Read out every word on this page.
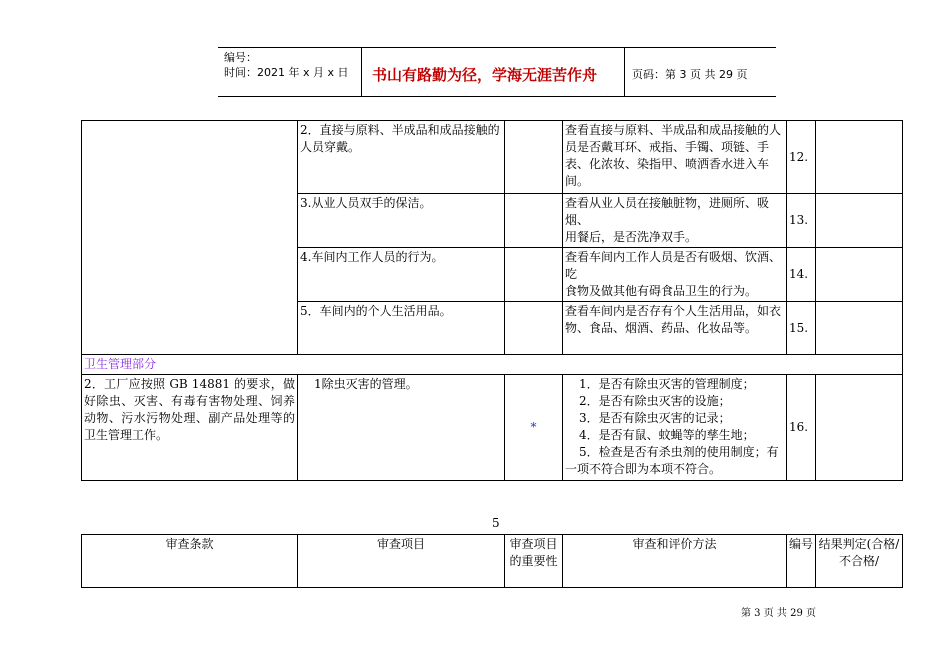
编号：
时间：2021 年 x 月 x 日 书山有路勤为径，学海无涯苦作舟	页码：第 3 页 共 29 页
	2．直接与原料、半成品和成品接触的人员穿戴。		查看直接与原料、半成品和成品接触的人员是否戴耳环、戒指、手镯、项链、手表、化浓妆、染指甲、喷洒香水进入车间。	12.	
	3.从业人员双手的保洁。		查看从业人员在接触脏物，进厕所、吸烟、
用餐后，是否洗净双手。	13.	
	4.车间内工作人员的行为。		查看车间内工作人员是否有吸烟、饮酒、吃
食物及做其他有碍食品卫生的行为。	14.	
	5．车间内的个人生活用品。		查看车间内是否存有个人生活用品，如衣物、食品、烟酒、药品、化妆品等。	15.	
卫生管理部分					
2．工厂应按照 GB 14881 的要求，做好除虫、灭害、有毒有害物处理、饲养动物、污水污物处理、副产品处理等的卫生管理工作。	1除虫灭害的管理。	*	1．是否有除虫灭害的管理制度；
2．是否有除虫灭害的设施；
3．是否有除虫灭害的记录；
4．是否有鼠、蚊蝇等的孳生地；
5．检查是否有杀虫剂的使用制度；有一项不符合即为本项不符合。	16.	
5
审查条款	审查项目	审查项目的重要性	审查和评价方法	编号	结果判定(合格/不合格/
第 3 页 共 29 页
